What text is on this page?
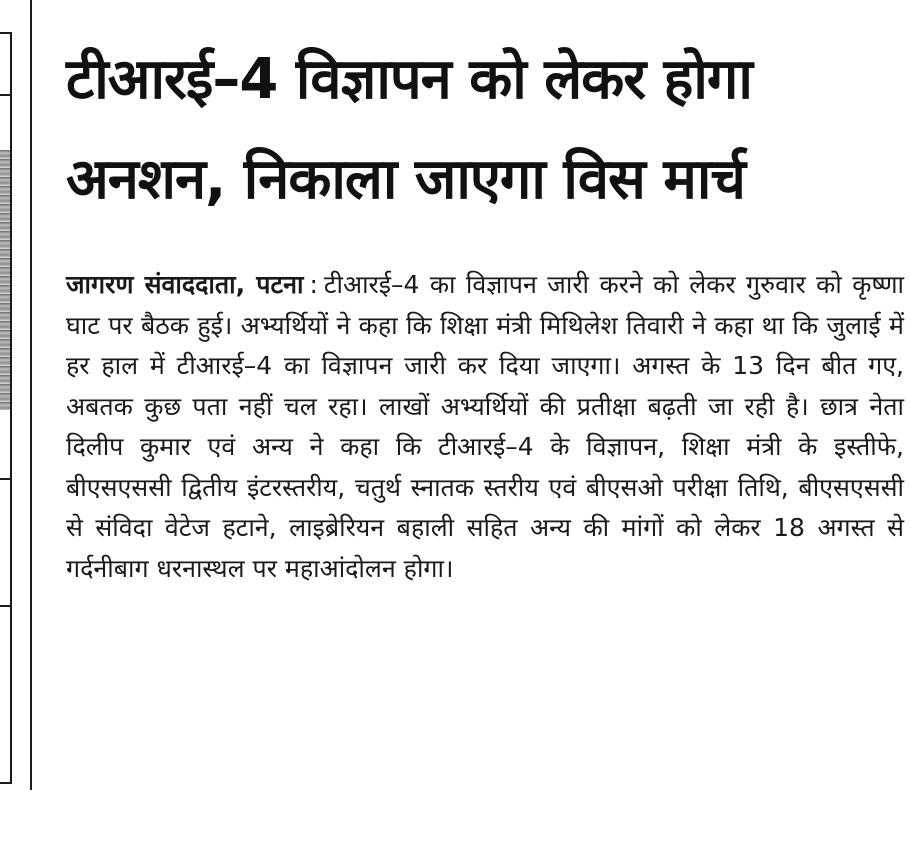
टीआरई–4 विज्ञापन को लेकर होगा
अनशन, निकाला जाएगा विस मार्च

जागरण संवाददाता, पटना : टीआरई–4 का विज्ञापन जारी करने को लेकर गुरुवार को कृष्णा घाट पर बैठक हुई। अभ्यर्थियों ने कहा कि शिक्षा मंत्री मिथिलेश तिवारी ने कहा था कि जुलाई में हर हाल में टीआरई–4 का विज्ञापन जारी कर दिया जाएगा। अगस्त के 13 दिन बीत गए, अबतक कुछ पता नहीं चल रहा। लाखों अभ्यर्थियों की प्रतीक्षा बढ़ती जा रही है। छात्र नेता दिलीप कुमार एवं अन्य ने कहा कि टीआरई–4 के विज्ञापन, शिक्षा मंत्री के इस्तीफे, बीएसएससी द्वितीय इंटरस्तरीय, चतुर्थ स्नातक स्तरीय एवं बीएसओ परीक्षा तिथि, बीएसएससी से संविदा वेटेज हटाने, लाइब्रेरियन बहाली सहित अन्य की मांगों को लेकर 18 अगस्त से गर्दनीबाग धरनास्थल पर महाआंदोलन होगा।
